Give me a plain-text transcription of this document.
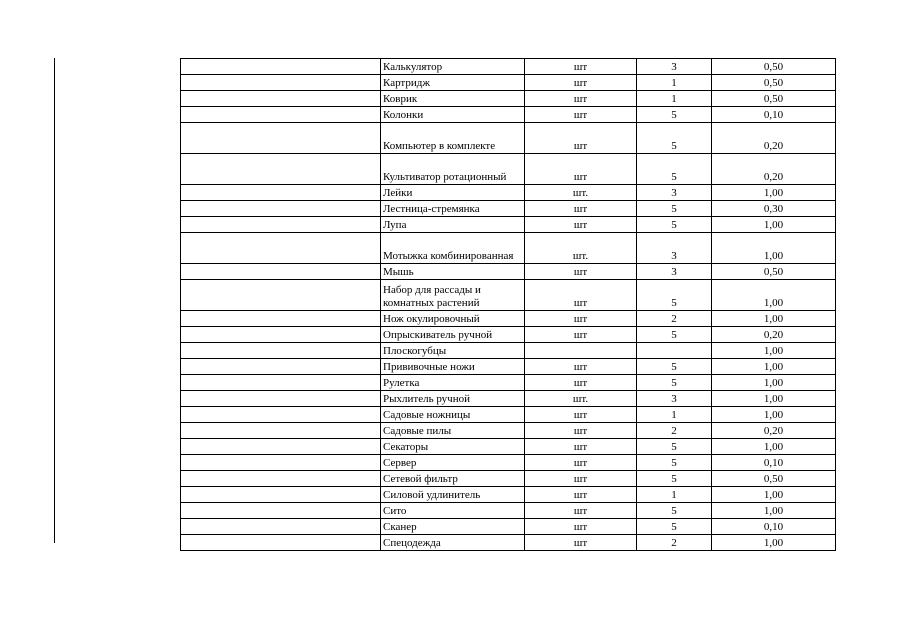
	Калькулятор	шт	3	0,50
	Картридж	шт	1	0,50
	Коврик	шт	1	0,50
	Колонки	шт	5	0,10
	Компьютер в комплекте	шт	5	0,20
	Культиватор ротационный	шт	5	0,20
	Лейки	шт.	3	1,00
	Лестница-стремянка	шт	5	0,30
	Лупа	шт	5	1,00
	Мотыжка комбинированная	шт.	3	1,00
	Мышь	шт	3	0,50
	Набор для рассады и комнатных растений	шт	5	1,00
	Нож окулировочный	шт	2	1,00
	Опрыскиватель ручной	шт	5	0,20
	Плоскогубцы			1,00
	Прививочные ножи	шт	5	1,00
	Рулетка	шт	5	1,00
	Рыхлитель ручной	шт.	3	1,00
	Садовые ножницы	шт	1	1,00
	Садовые пилы	шт	2	0,20
	Секаторы	шт	5	1,00
	Сервер	шт	5	0,10
	Сетевой фильтр	шт	5	0,50
	Силовой удлинитель	шт	1	1,00
	Сито	шт	5	1,00
	Сканер	шт	5	0,10
	Спецодежда	шт	2	1,00
